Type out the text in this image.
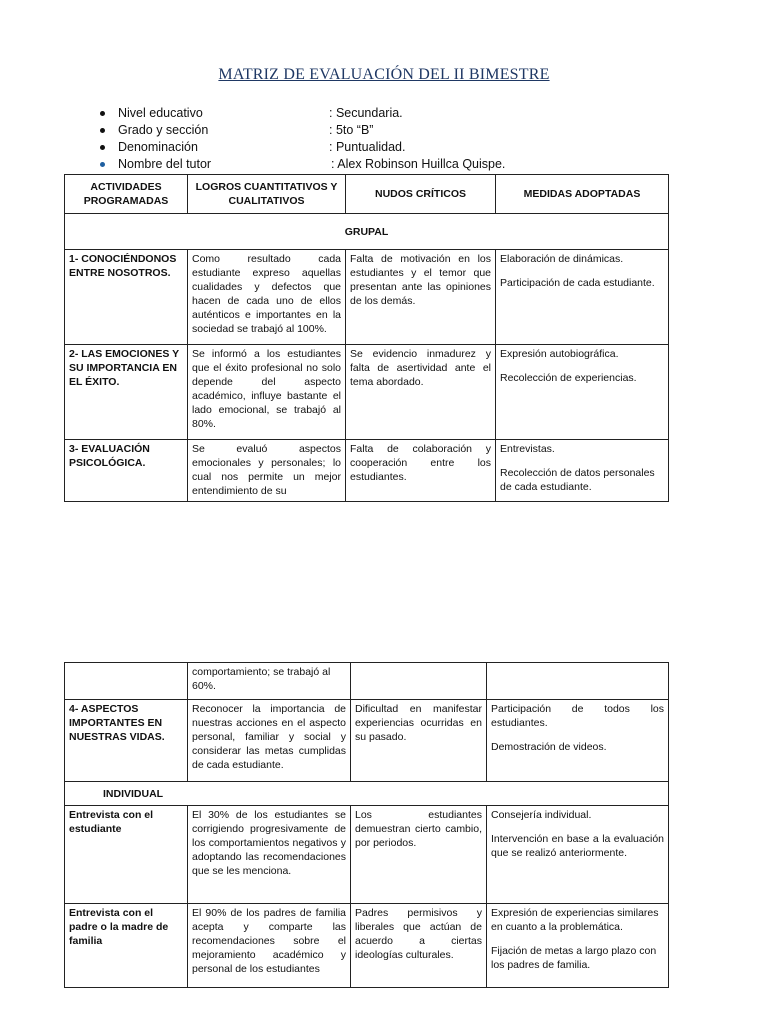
MATRIZ DE EVALUACIÓN DEL II BIMESTRE
Nivel educativo	: Secundaria.
Grado y sección	: 5to “B”
Denominación	: Puntualidad.
Nombre del tutor	: Alex Robinson Huillca Quispe.
ACTIVIDADES PROGRAMADAS	LOGROS CUANTITATIVOS Y CUALITATIVOS	NUDOS CRÍTICOS	MEDIDAS ADOPTADAS
GRUPAL			
1- CONOCIÉNDONOS ENTRE NOSOTROS.	Como resultado cada estudiante expreso aquellas cualidades y defectos que hacen de cada uno de ellos auténticos e importantes en la sociedad se trabajó al 100%.	Falta de motivación en los estudiantes y el temor que presentan ante las opiniones de los demás.	Elaboración de dinámicas.

Participación de cada estudiante.

2- LAS EMOCIONES Y SU IMPORTANCIA EN EL ÉXITO.	Se informó a los estudiantes que el éxito profesional no solo depende del aspecto académico, influye bastante el lado emocional, se trabajó al 80%.	Se evidencio inmadurez y falta de asertividad ante el tema abordado.	Expresión autobiográfica.

Recolección de experiencias.

3- EVALUACIÓN PSICOLÓGICA.	Se evaluó aspectos emocionales y personales; lo cual nos permite un mejor entendimiento de su	Falta de colaboración y cooperación entre los estudiantes.	Entrevistas.

Recolección de datos personales de cada estudiante.

	comportamiento; se trabajó al 60%.		
4- ASPECTOS IMPORTANTES EN NUESTRAS VIDAS.	Reconocer la importancia de nuestras acciones en el aspecto personal, familiar y social y considerar las metas cumplidas de cada estudiante.	Dificultad en manifestar experiencias ocurridas en su pasado.	Participación de todos los estudiantes.

Demostración de videos.

INDIVIDUAL			
Entrevista con el estudiante	El 30% de los estudiantes se corrigiendo progresivamente de los comportamientos negativos y adoptando las recomendaciones que se les menciona.	Los estudiantes demuestran cierto cambio, por periodos.	Consejería individual.

Intervención en base a la evaluación que se realizó anteriormente.

Entrevista con el padre o la madre de familia	El 90% de los padres de familia acepta y comparte las recomendaciones sobre el mejoramiento académico y personal de los estudiantes	Padres permisivos y liberales que actúan de acuerdo a ciertas ideologías culturales.	Expresión de experiencias similares en cuanto a la problemática.

Fijación de metas a largo plazo con los padres de familia.
